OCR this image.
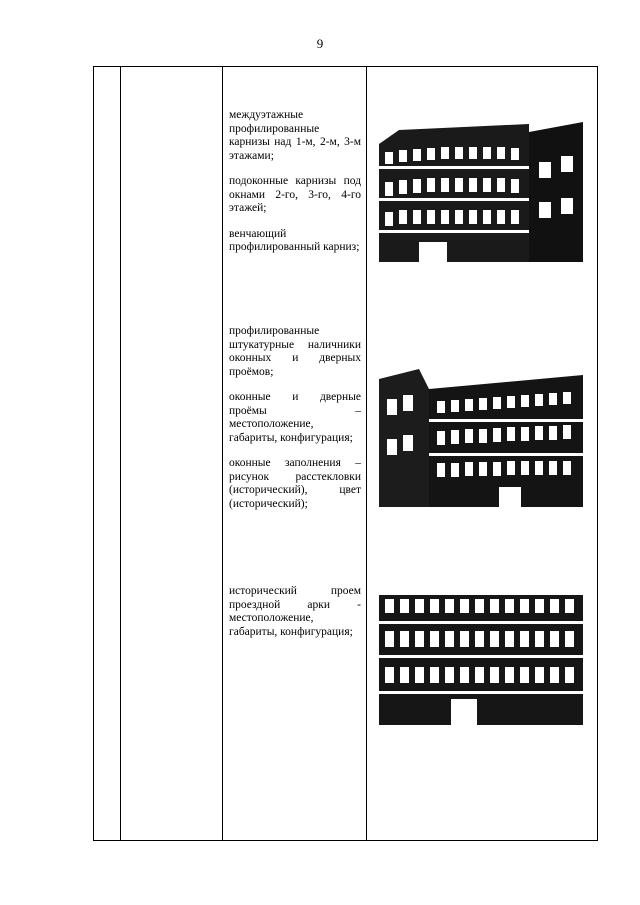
9

междуэтажные профилированные карнизы над 1-м, 2-м, 3-м этажами;

подоконные карнизы под окнами 2-го, 3-го, 4-го этажей;

венчающий профилированный карниз;

профилированные штукатурные наличники оконных и дверных проёмов;

оконные и дверные проёмы – местоположение, габариты, конфигурация;

оконные заполнения – рисунок расстекловки (исторический), цвет (исторический);

исторический проем проездной арки - местоположение, габариты, конфигурация;
